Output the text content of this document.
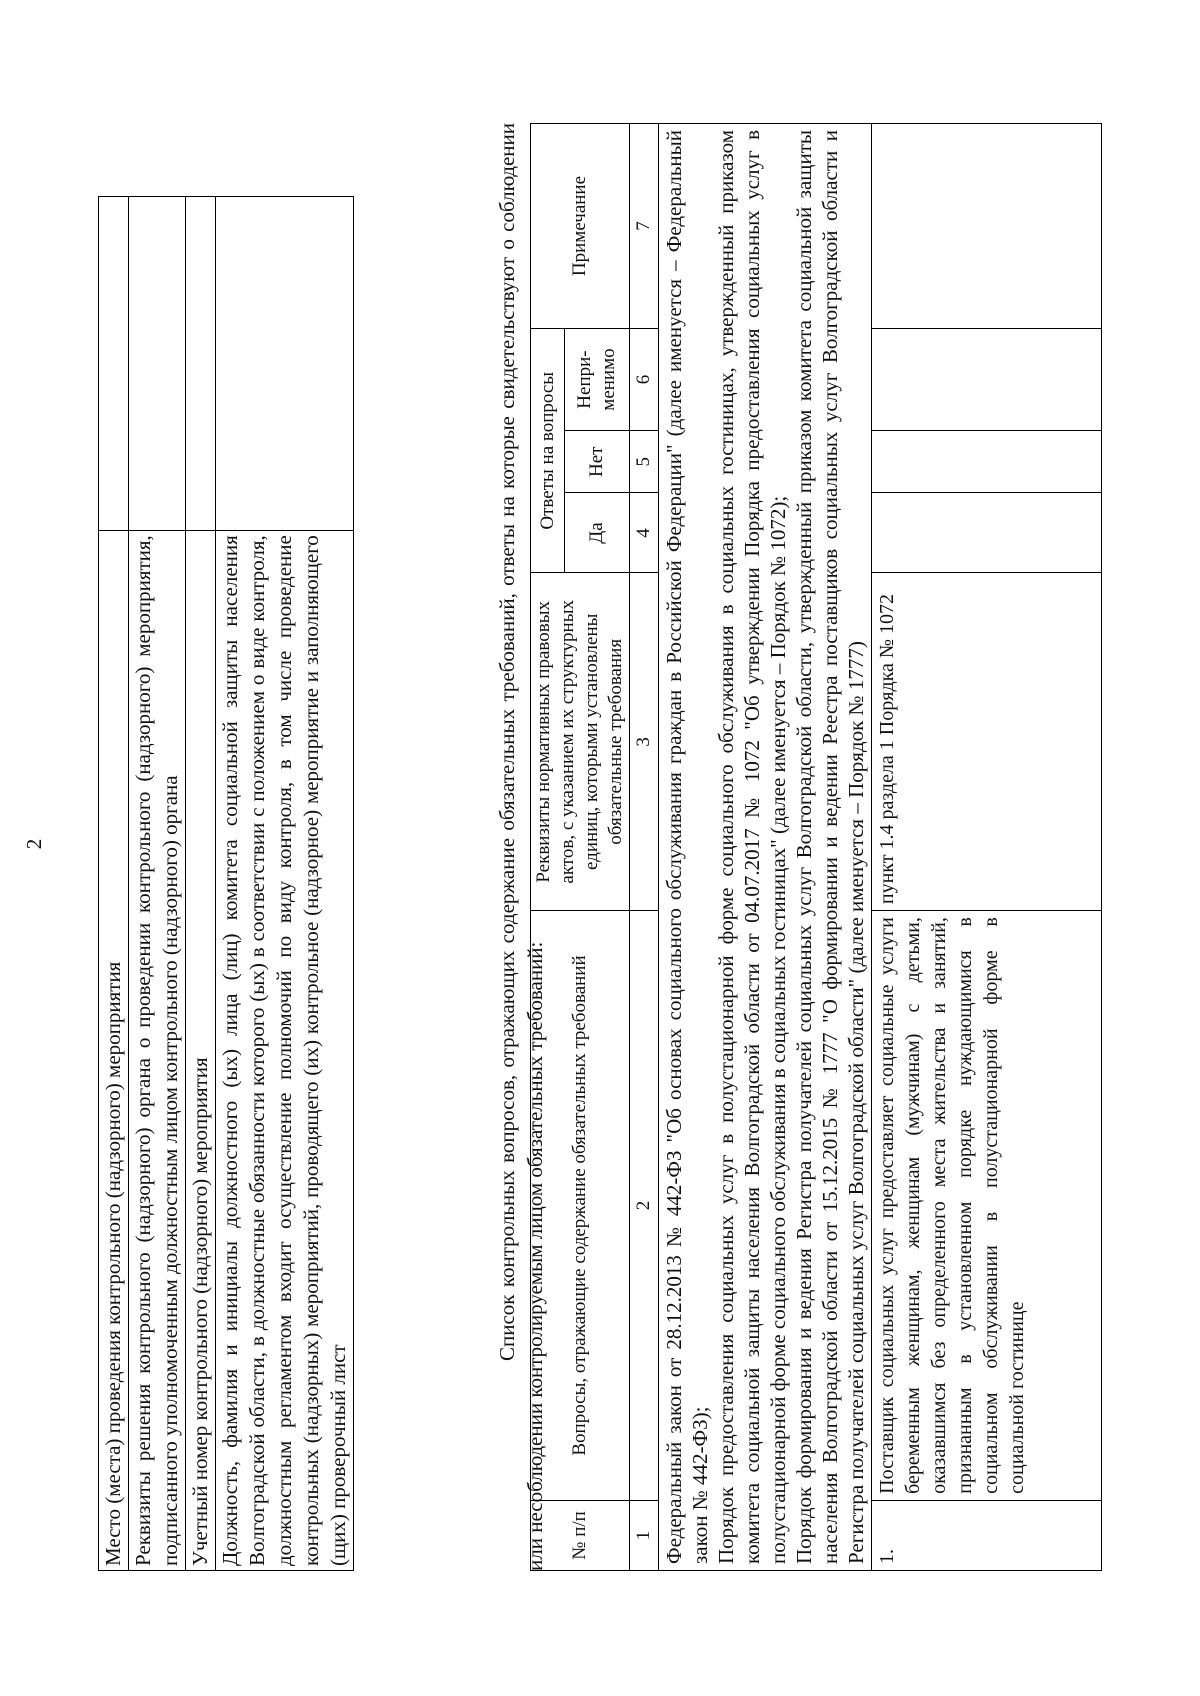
2
Место (места) проведения контрольного (надзорного) мероприятия	
Реквизиты решения контрольного (надзорного) органа о проведении контрольного (надзорного) мероприятия, подписанного уполномоченным должностным лицом контрольного (надзорного) органа	
Учетный номер контрольного (надзорного) мероприятия	
Должность, фамилия и инициалы должностного (ых) лица (лиц) комитета социальной защиты населения Волгоградской области, в должностные обязанности которого (ых) в соответствии с положением о виде контроля, должностным регламентом входит осуществление полномочий по виду контроля, в том числе проведение контрольных (надзорных) мероприятий, проводящего (их) контрольное (надзорное) мероприятие и заполняющего (щих) проверочный лист	

Список контрольных вопросов, отражающих содержание обязательных требований, ответы на которые свидетельствуют о соблюдении или несоблюдении контролируемым лицом обязательных требований: № п/п	Вопросы, отражающие содержание обязательных требований	Реквизиты нормативных правовых актов, с указанием их структурных единиц, которыми установлены обязательные требования	Ответы на вопросы			Примечание
			Да	Нет	Непри-менимо	
1	2	3	4	5	6	7

Федеральный закон от 28.12.2013 № 442-ФЗ "Об основах социального обслуживания граждан в Российской Федерации" (далее именуется – Федеральный закон № 442-ФЗ); Порядок предоставления социальных услуг в полустационарной форме социального обслуживания в социальных гостиницах, утвержденный приказом комитета социальной защиты населения Волгоградской области от 04.07.2017 № 1072 "Об утверждении Порядка предоставления социальных услуг в полустационарной форме социального обслуживания в социальных гостиницах" (далее именуется – Порядок № 1072); Порядок формирования и ведения Регистра получателей социальных услуг Волгоградской области, утвержденный приказом комитета социальной защиты населения Волгоградской области от 15.12.2015 № 1777 "О формировании и ведении Реестра поставщиков социальных услуг Волгоградской области и Регистра получателей социальных услуг Волгоградской области" (далее именуется – Порядок № 1777)						

1.	Поставщик социальных услуг предоставляет социальные услуги беременным женщинам, женщинам (мужчинам) с детьми, оказавшимся без определенного места жительства и занятий, признанным в установленном порядке нуждающимися в социальном обслуживании в полустационарной форме в социальной гостинице	пункт 1.4 раздела 1 Порядка № 1072				
